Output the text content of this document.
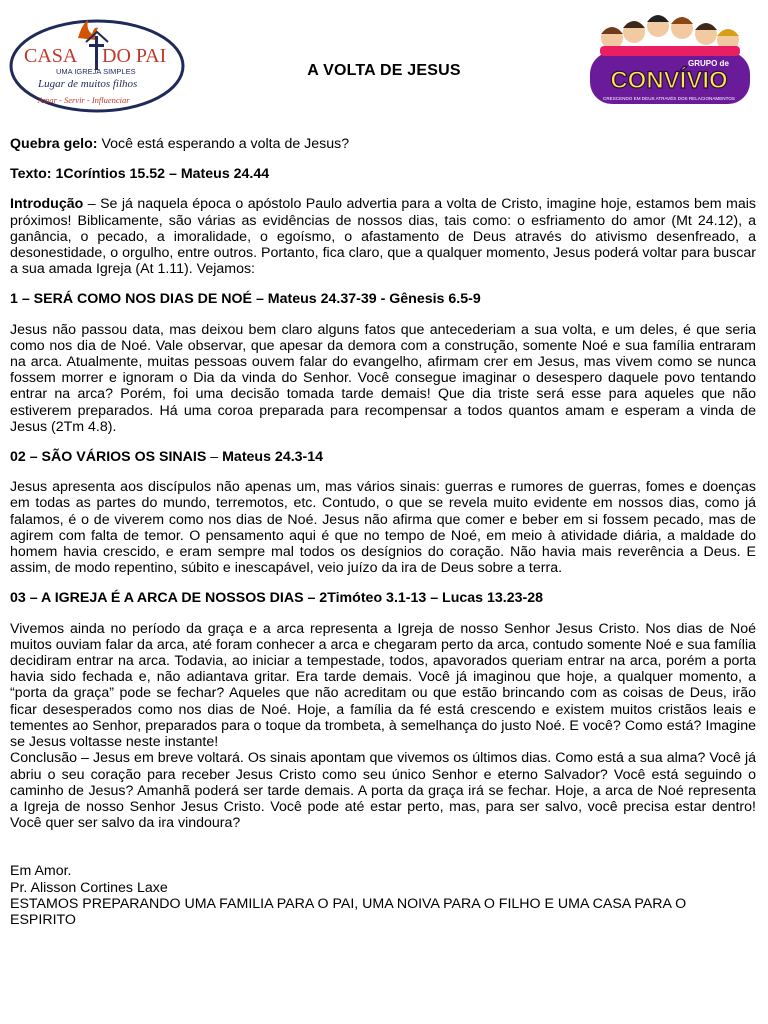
CASA DO PAI
UMA IGREJA SIMPLES
Lugar de muitos filhos
Amar - Servir - Influenciar
A VOLTA DE JESUS	GRUPO de
CONVÍVIO
CRESCENDO EM DEUS ATRAVÉS DOS RELACIONAMENTOS

Quebra gelo: Você está esperando a volta de Jesus?

Texto: 1Coríntios 15.52 – Mateus 24.44

Introdução – Se já naquela época o apóstolo Paulo advertia para a volta de Cristo, imagine hoje, estamos bem mais próximos! Biblicamente, são várias as evidências de nossos dias, tais como: o esfriamento do amor (Mt 24.12), a ganância, o pecado, a imoralidade, o egoísmo, o afastamento de Deus através do ativismo desenfreado, a desonestidade, o orgulho, entre outros. Portanto, fica claro, que a qualquer momento, Jesus poderá voltar para buscar a sua amada Igreja (At 1.11). Vejamos:

1 – SERÁ COMO NOS DIAS DE NOÉ – Mateus 24.37-39 - Gênesis 6.5-9

Jesus não passou data, mas deixou bem claro alguns fatos que antecederiam a sua volta, e um deles, é que seria como nos dia de Noé. Vale observar, que apesar da demora com a construção, somente Noé e sua família entraram na arca. Atualmente, muitas pessoas ouvem falar do evangelho, afirmam crer em Jesus, mas vivem como se nunca fossem morrer e ignoram o Dia da vinda do Senhor. Você consegue imaginar o desespero daquele povo tentando entrar na arca? Porém, foi uma decisão tomada tarde demais! Que dia triste será esse para aqueles que não estiverem preparados. Há uma coroa preparada para recompensar a todos quantos amam e esperam a vinda de Jesus (2Tm 4.8).

02 – SÃO VÁRIOS OS SINAIS – Mateus 24.3-14

Jesus apresenta aos discípulos não apenas um, mas vários sinais: guerras e rumores de guerras, fomes e doenças em todas as partes do mundo, terremotos, etc. Contudo, o que se revela muito evidente em nossos dias, como já falamos, é o de viverem como nos dias de Noé. Jesus não afirma que comer e beber em si fossem pecado, mas de agirem com falta de temor. O pensamento aqui é que no tempo de Noé, em meio à atividade diária, a maldade do homem havia crescido, e eram sempre mal todos os desígnios do coração. Não havia mais reverência a Deus. E assim, de modo repentino, súbito e inescapável, veio juízo da ira de Deus sobre a terra.

03 – A IGREJA É A ARCA DE NOSSOS DIAS – 2Timóteo 3.1-13 – Lucas 13.23-28

Vivemos ainda no período da graça e a arca representa a Igreja de nosso Senhor Jesus Cristo. Nos dias de Noé muitos ouviam falar da arca, até foram conhecer a arca e chegaram perto da arca, contudo somente Noé e sua família decidiram entrar na arca. Todavia, ao iniciar a tempestade, todos, apavorados queriam entrar na arca, porém a porta havia sido fechada e, não adiantava gritar. Era tarde demais. Você já imaginou que hoje, a qualquer momento, a “porta da graça” pode se fechar? Aqueles que não acreditam ou que estão brincando com as coisas de Deus, irão ficar desesperados como nos dias de Noé. Hoje, a família da fé está crescendo e existem muitos cristãos leais e tementes ao Senhor, preparados para o toque da trombeta, à semelhança do justo Noé. E você? Como está? Imagine se Jesus voltasse neste instante!

Conclusão – Jesus em breve voltará. Os sinais apontam que vivemos os últimos dias. Como está a sua alma? Você já abriu o seu coração para receber Jesus Cristo como seu único Senhor e eterno Salvador? Você está seguindo o caminho de Jesus? Amanhã poderá ser tarde demais. A porta da graça irá se fechar. Hoje, a arca de Noé representa a Igreja de nosso Senhor Jesus Cristo. Você pode até estar perto, mas, para ser salvo, você precisa estar dentro! Você quer ser salvo da ira vindoura?

Em Amor.
Pr. Alisson Cortines Laxe
ESTAMOS PREPARANDO UMA FAMILIA PARA O PAI, UMA NOIVA PARA O FILHO E UMA CASA PARA O ESPIRITO
